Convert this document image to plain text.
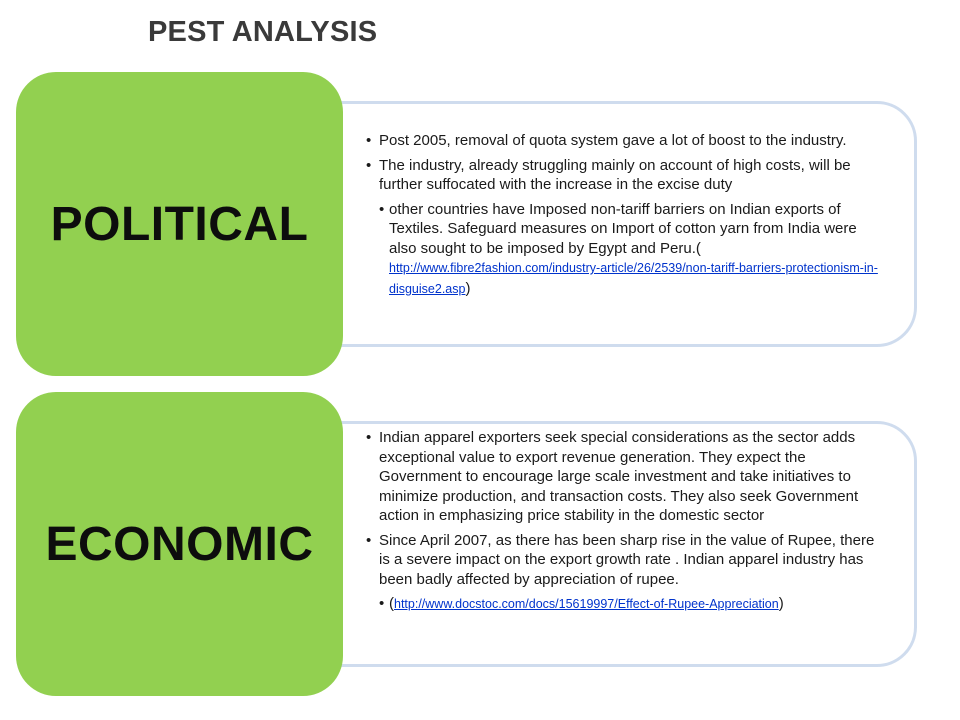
PEST ANALYSIS
POLITICAL
• Post 2005, removal of quota system gave a lot of boost to the industry.
• The industry, already struggling mainly on account of high costs, will be further suffocated with the increase in the excise duty
• other countries have Imposed non-tariff barriers on Indian exports of Textiles. Safeguard measures on Import of cotton yarn from India were also sought to be imposed by Egypt and Peru.(
http://www.fibre2fashion.com/industry-article/26/2539/non-tariff-barriers-protectionism-in-disguise2.asp)
ECONOMIC
• Indian apparel exporters seek special considerations as the sector adds exceptional value to export revenue generation. They expect the Government to encourage large scale investment and take initiatives to minimize production, and transaction costs. They also seek Government action in emphasizing price stability in the domestic sector
• Since April 2007, as there has been sharp rise in the value of Rupee, there is a severe impact on the export growth rate . Indian apparel industry has been badly affected by appreciation of rupee.
• (http://www.docstoc.com/docs/15619997/Effect-of-Rupee-Appreciation)
